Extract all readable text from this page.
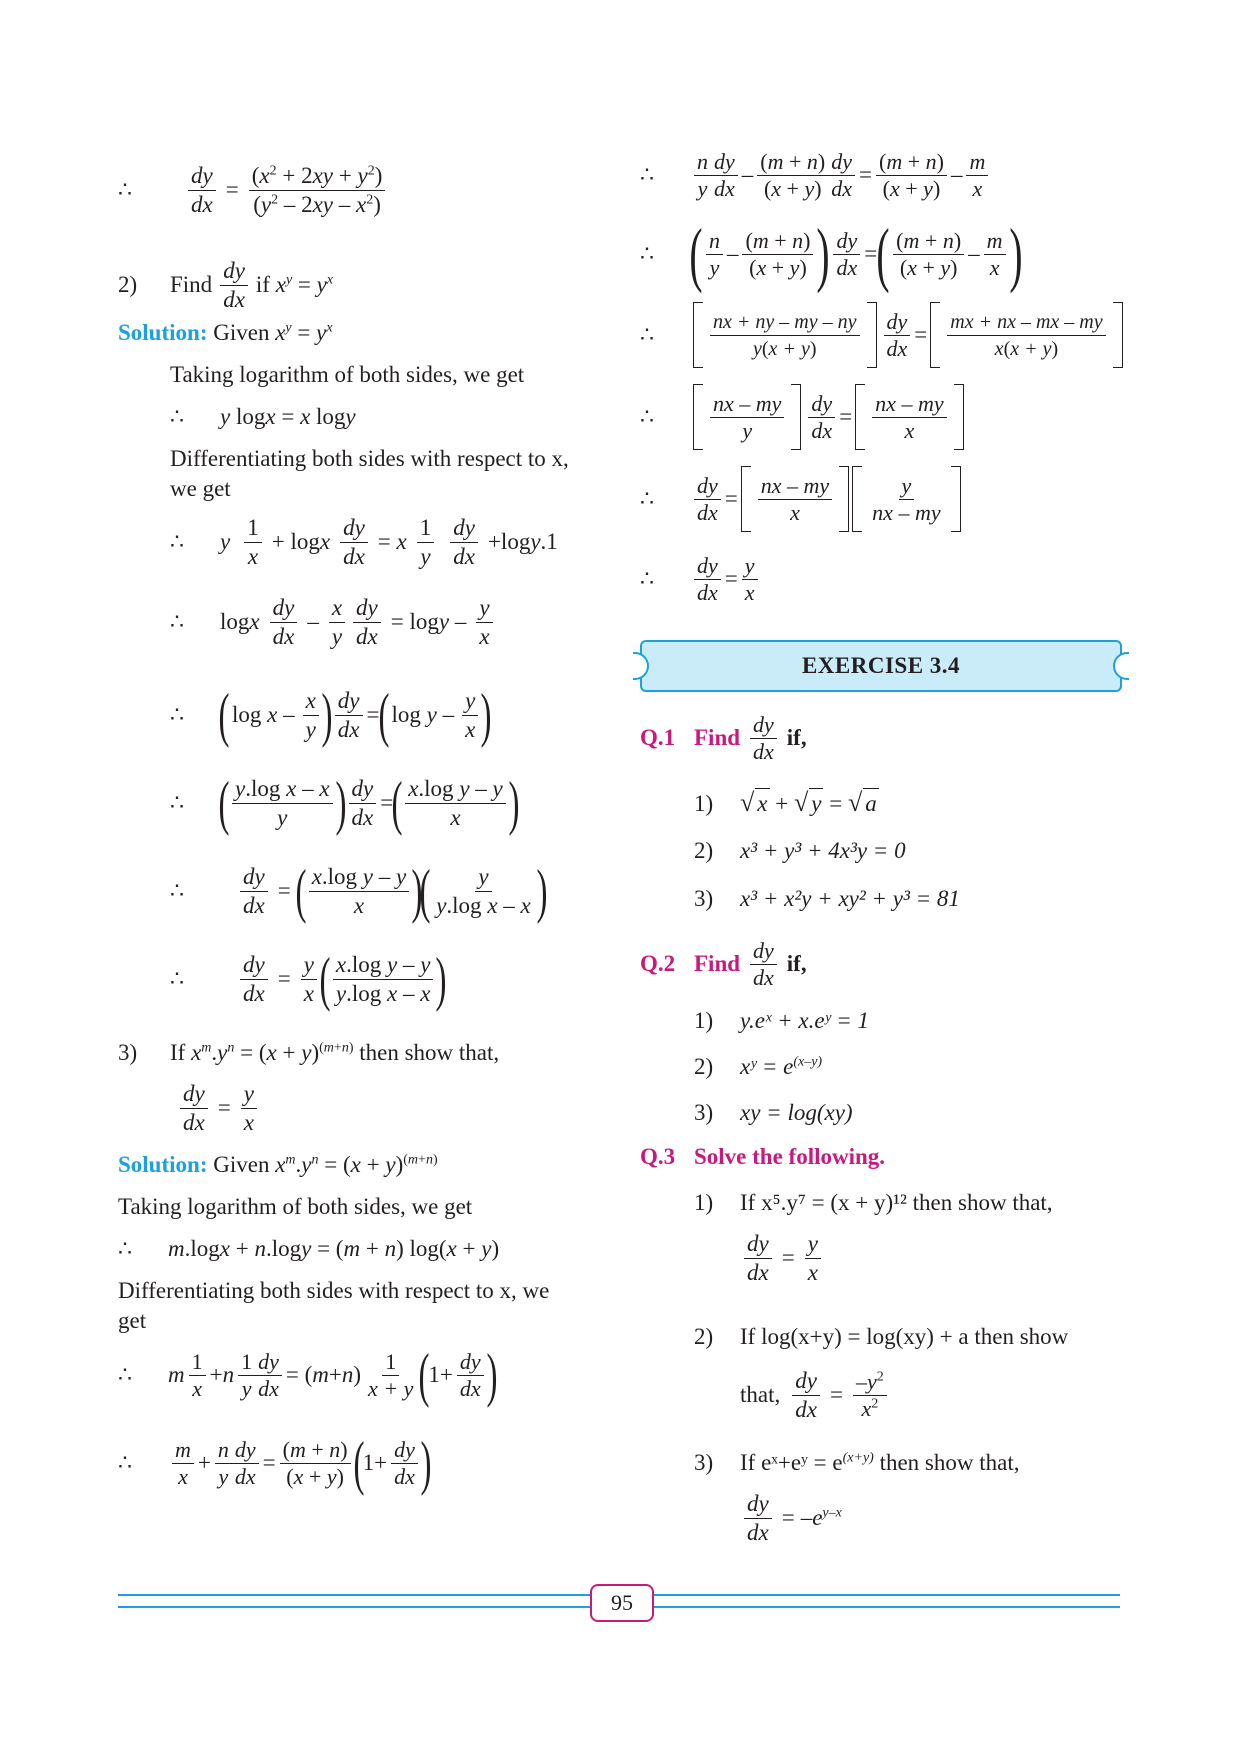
∴	$\frac{dy}{dx} = \frac{(x^2 + 2xy + y^2)}{(y^2 - 2xy - x^2)}$
2)	Find $\frac{dy}{dx}$ if $x^y = y^x$
Solution: Given $x^y = y^x$
Taking logarithm of both sides, we get
∴ y logx = x logy
Differentiating both sides with respect to x,
we get
∴	y $\frac{1}{x} + \log x \frac{dy}{dx} = x \frac{1}{y} \frac{dy}{dx} +\log y.1$
∴	log x $\frac{dy}{dx} - \frac{x}{y} \frac{dy}{dx} = \log y - \frac{y}{x}$
∴ ( log x – $\frac{x}{y}$ ) $\frac{dy}{dx}$ =
( log y – $\frac{y}{x}$ )
∴ ( $\frac{\text{y.log x – x}}{y}$ ) $\frac{dy}{dx}$ =
( $\frac{\text{x.log y – y}}{x}$ )
∴	$\frac{dy}{dx}$ = ( $\frac{\text{x.log y – y}}{x}$ )
( $\frac{y}{\text{y.log x – x}}$ )
∴	$\frac{dy}{dx} = \frac{y}{x}$ ( $\frac{\text{x.log y – y}}{\text{y.log x – x}}$ )
3) If $x^m.y^n = (x + y)^{(m+n)}$ then show that,
$\frac{dy}{dx} = \frac{y}{x}$
Solution: Given $x^m.y^n = (x + y)^{(m+n)}$
Taking logarithm of both sides, we get
∴ m.logx + n.logy = (m + n) log(x + y)
Differentiating both sides with respect to x, we
get
∴	m $\frac{1}{x} + n \frac{1}{y} \frac{dy}{dx}$ = ( m + n ) $\frac{1}{x + y}$ (
$1+ \frac{dy}{dx}$ )
∴	$\frac{m}{x} + \frac{n}{y} \frac{dy}{dx} = \frac{(m + n)}{(x + y)}$ (
$1+ \frac{dy}{dx}$ )
∴	$\frac{n}{y} \frac{dy}{dx} - \frac{(m + n)}{(x + y)} \frac{dy}{dx} = \frac{(m + n)}{(x + y)} - \frac{m}{x}$
∴ ( $\frac{n}{y} - \frac{(m + n)}{(x + y)}$ ) $\frac{dy}{dx}$ = ( $\frac{(m + n)}{(x + y)} - \frac{m}{x}$ )
∴	$\frac{nx + ny - my - ny}{y(x + y)} \frac{dy}{dx} = \frac{mx + nx - mx - my}{x(x + y)}$
∴	$\frac{nx - my}{y} \frac{dy}{dx} = \frac{nx - my}{x}$
∴	$\frac{dy}{dx} = \frac{nx - my}{x} \frac{y}{nx - my}$
∴	$\frac{dy}{dx} = \frac{y}{x}$
EXERCISE 3.4
Q.1 Find $\frac{dy}{dx}$ if,
1) √ x + √ y = √ a
2) x³ + y³ + 4x³y = 0
3) x³ + x²y + xy² + y³ = 81
Q.2 Find $\frac{dy}{dx}$ if,
1) y.eˣ + x.eʸ = 1
2) xʸ = $e^{(x-y)}$
3) xy = log(xy)
Q.3 Solve the following.
1) If x⁵.y⁷ = (x + y)¹² then show that,
$\frac{dy}{dx} = \frac{y}{x}$
2) If log(x+y) = log(xy) + a then show
that, $\frac{dy}{dx} = \frac{-y^2}{x^2}$
3) If eˣ+eʸ = $e^{(x+y)}$ then show that,
$\frac{dy}{dx} = -e^{y-x}$
95
